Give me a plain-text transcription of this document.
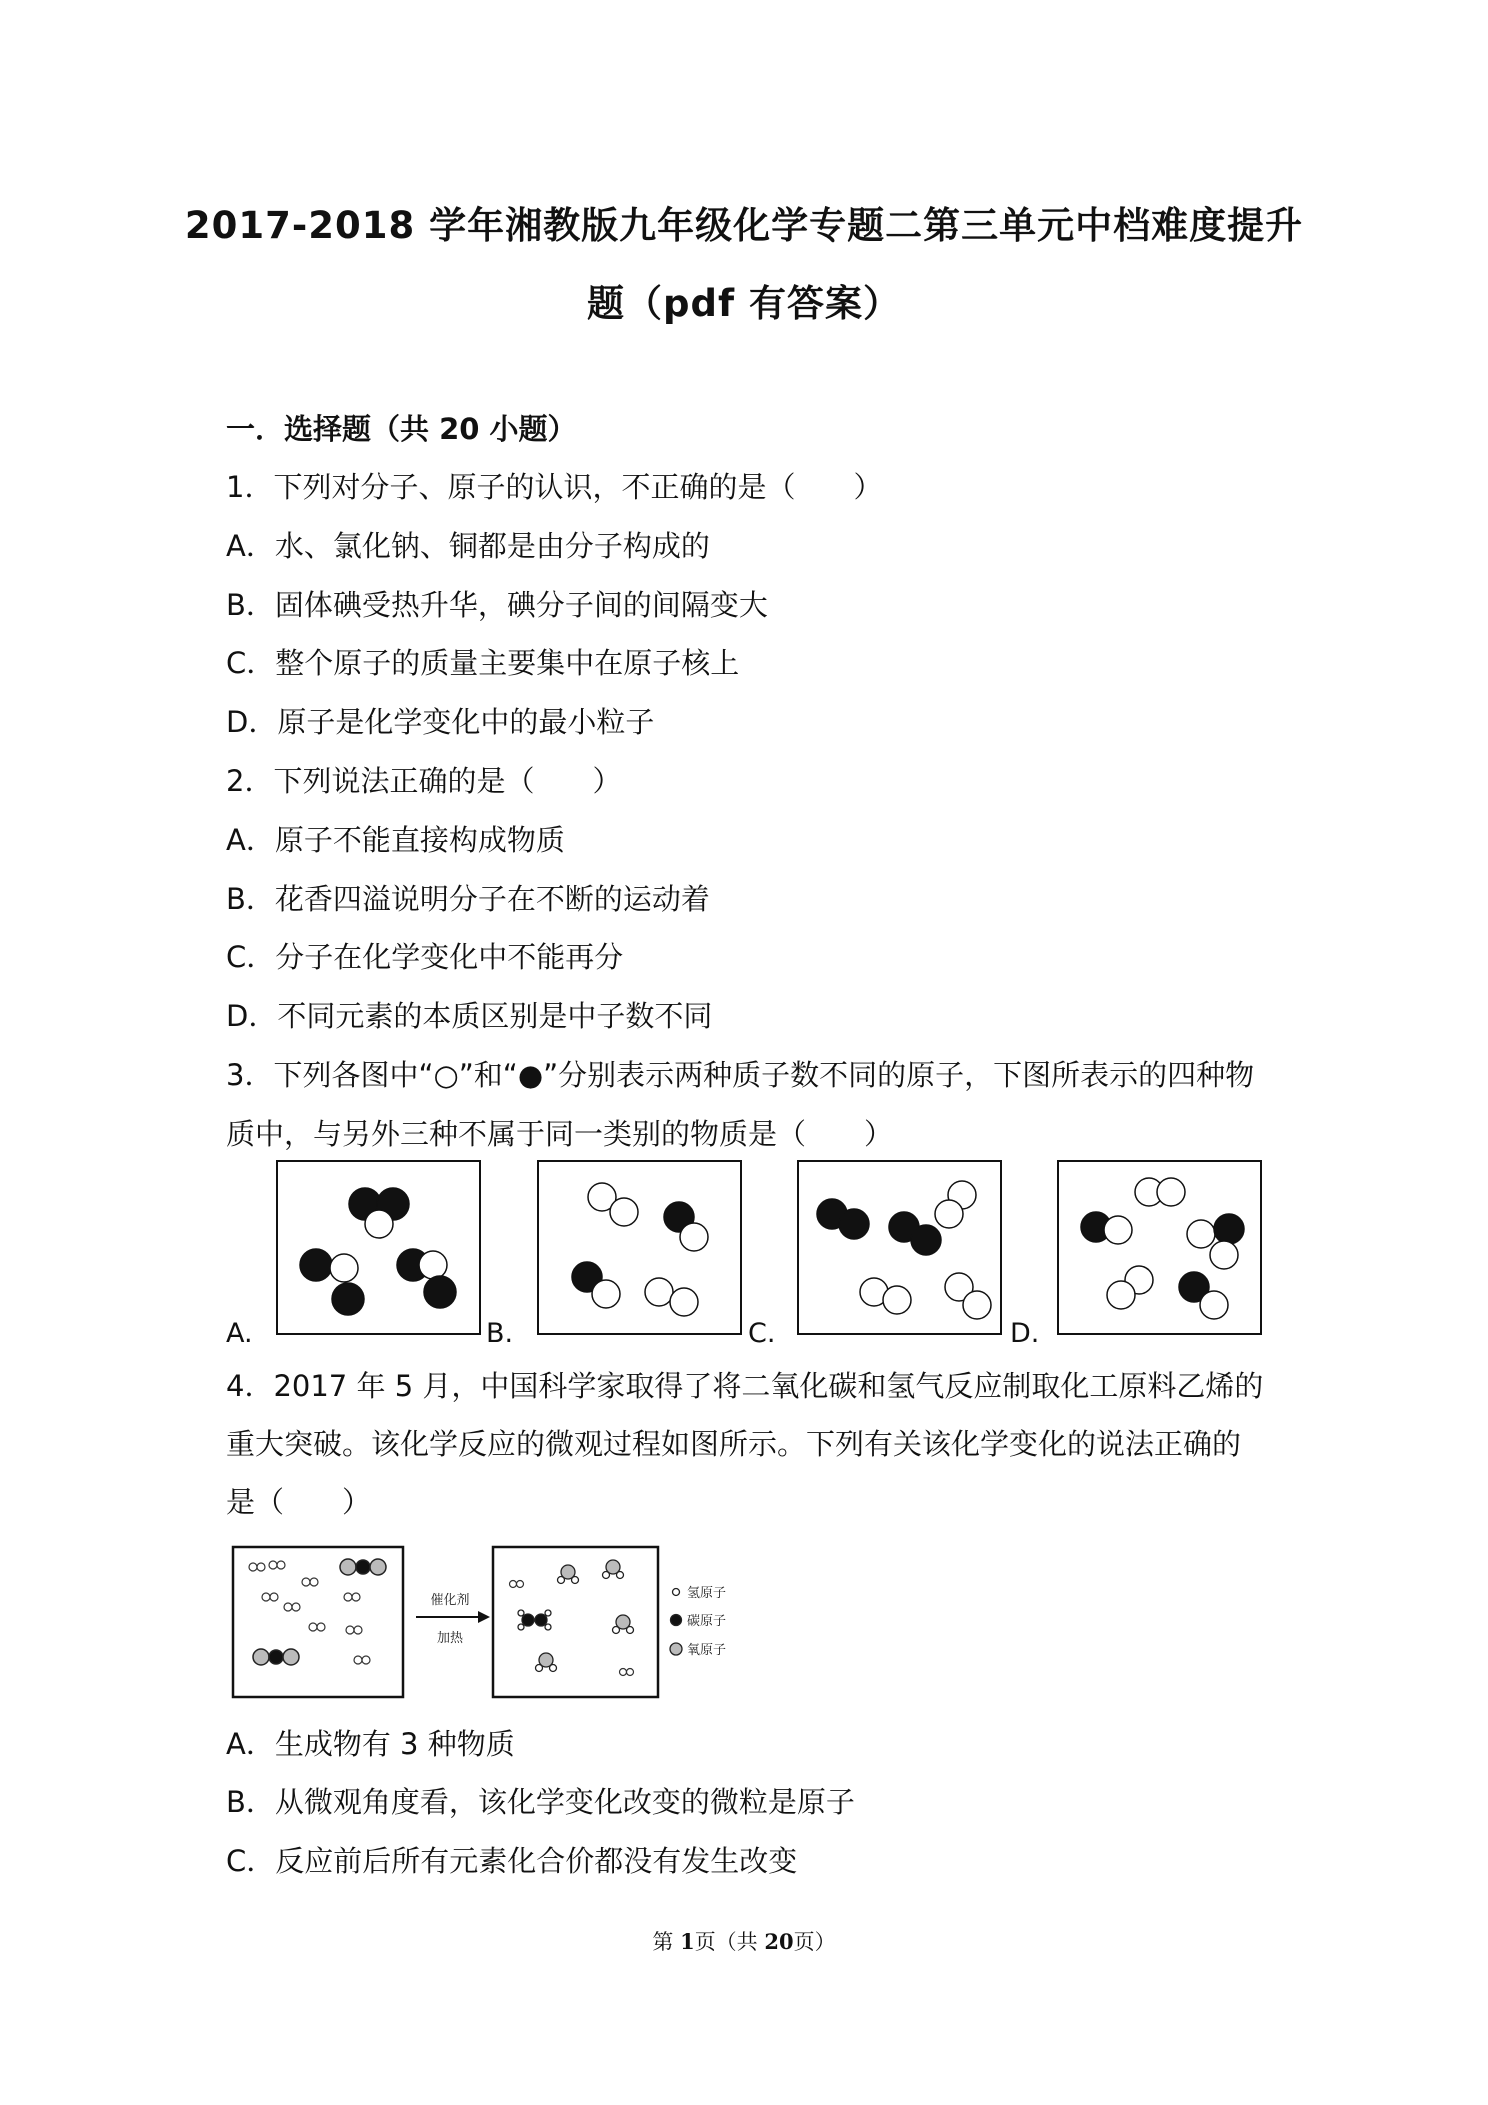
2017-2018 学年湘教版九年级化学专题二第三单元中档难度提升
题（pdf 有答案）
一．选择题（共 20 小题）
1．下列对分子、原子的认识，不正确的是（　　）
A．水、氯化钠、铜都是由分子构成的
B．固体碘受热升华，碘分子间的间隔变大
C．整个原子的质量主要集中在原子核上
D．原子是化学变化中的最小粒子
2．下列说法正确的是（　　）
A．原子不能直接构成物质
B．花香四溢说明分子在不断的运动着
C．分子在化学变化中不能再分
D．不同元素的本质区别是中子数不同
3．下列各图中“○”和“●”分别表示两种质子数不同的原子，下图所表示的四种物
质中，与另外三种不属于同一类别的物质是（　　）
A.	B.	C.	D.
4．2017 年 5 月，中国科学家取得了将二氧化碳和氢气反应制取化工原料乙烯的
重大突破。该化学反应的微观过程如图所示。下列有关该化学变化的说法正确的
是（　　）
催化剂
加热
氢原子
碳原子
氧原子
A．生成物有 3 种物质
B．从微观角度看，该化学变化改变的微粒是原子
C．反应前后所有元素化合价都没有发生改变
第 1页（共 20页）
